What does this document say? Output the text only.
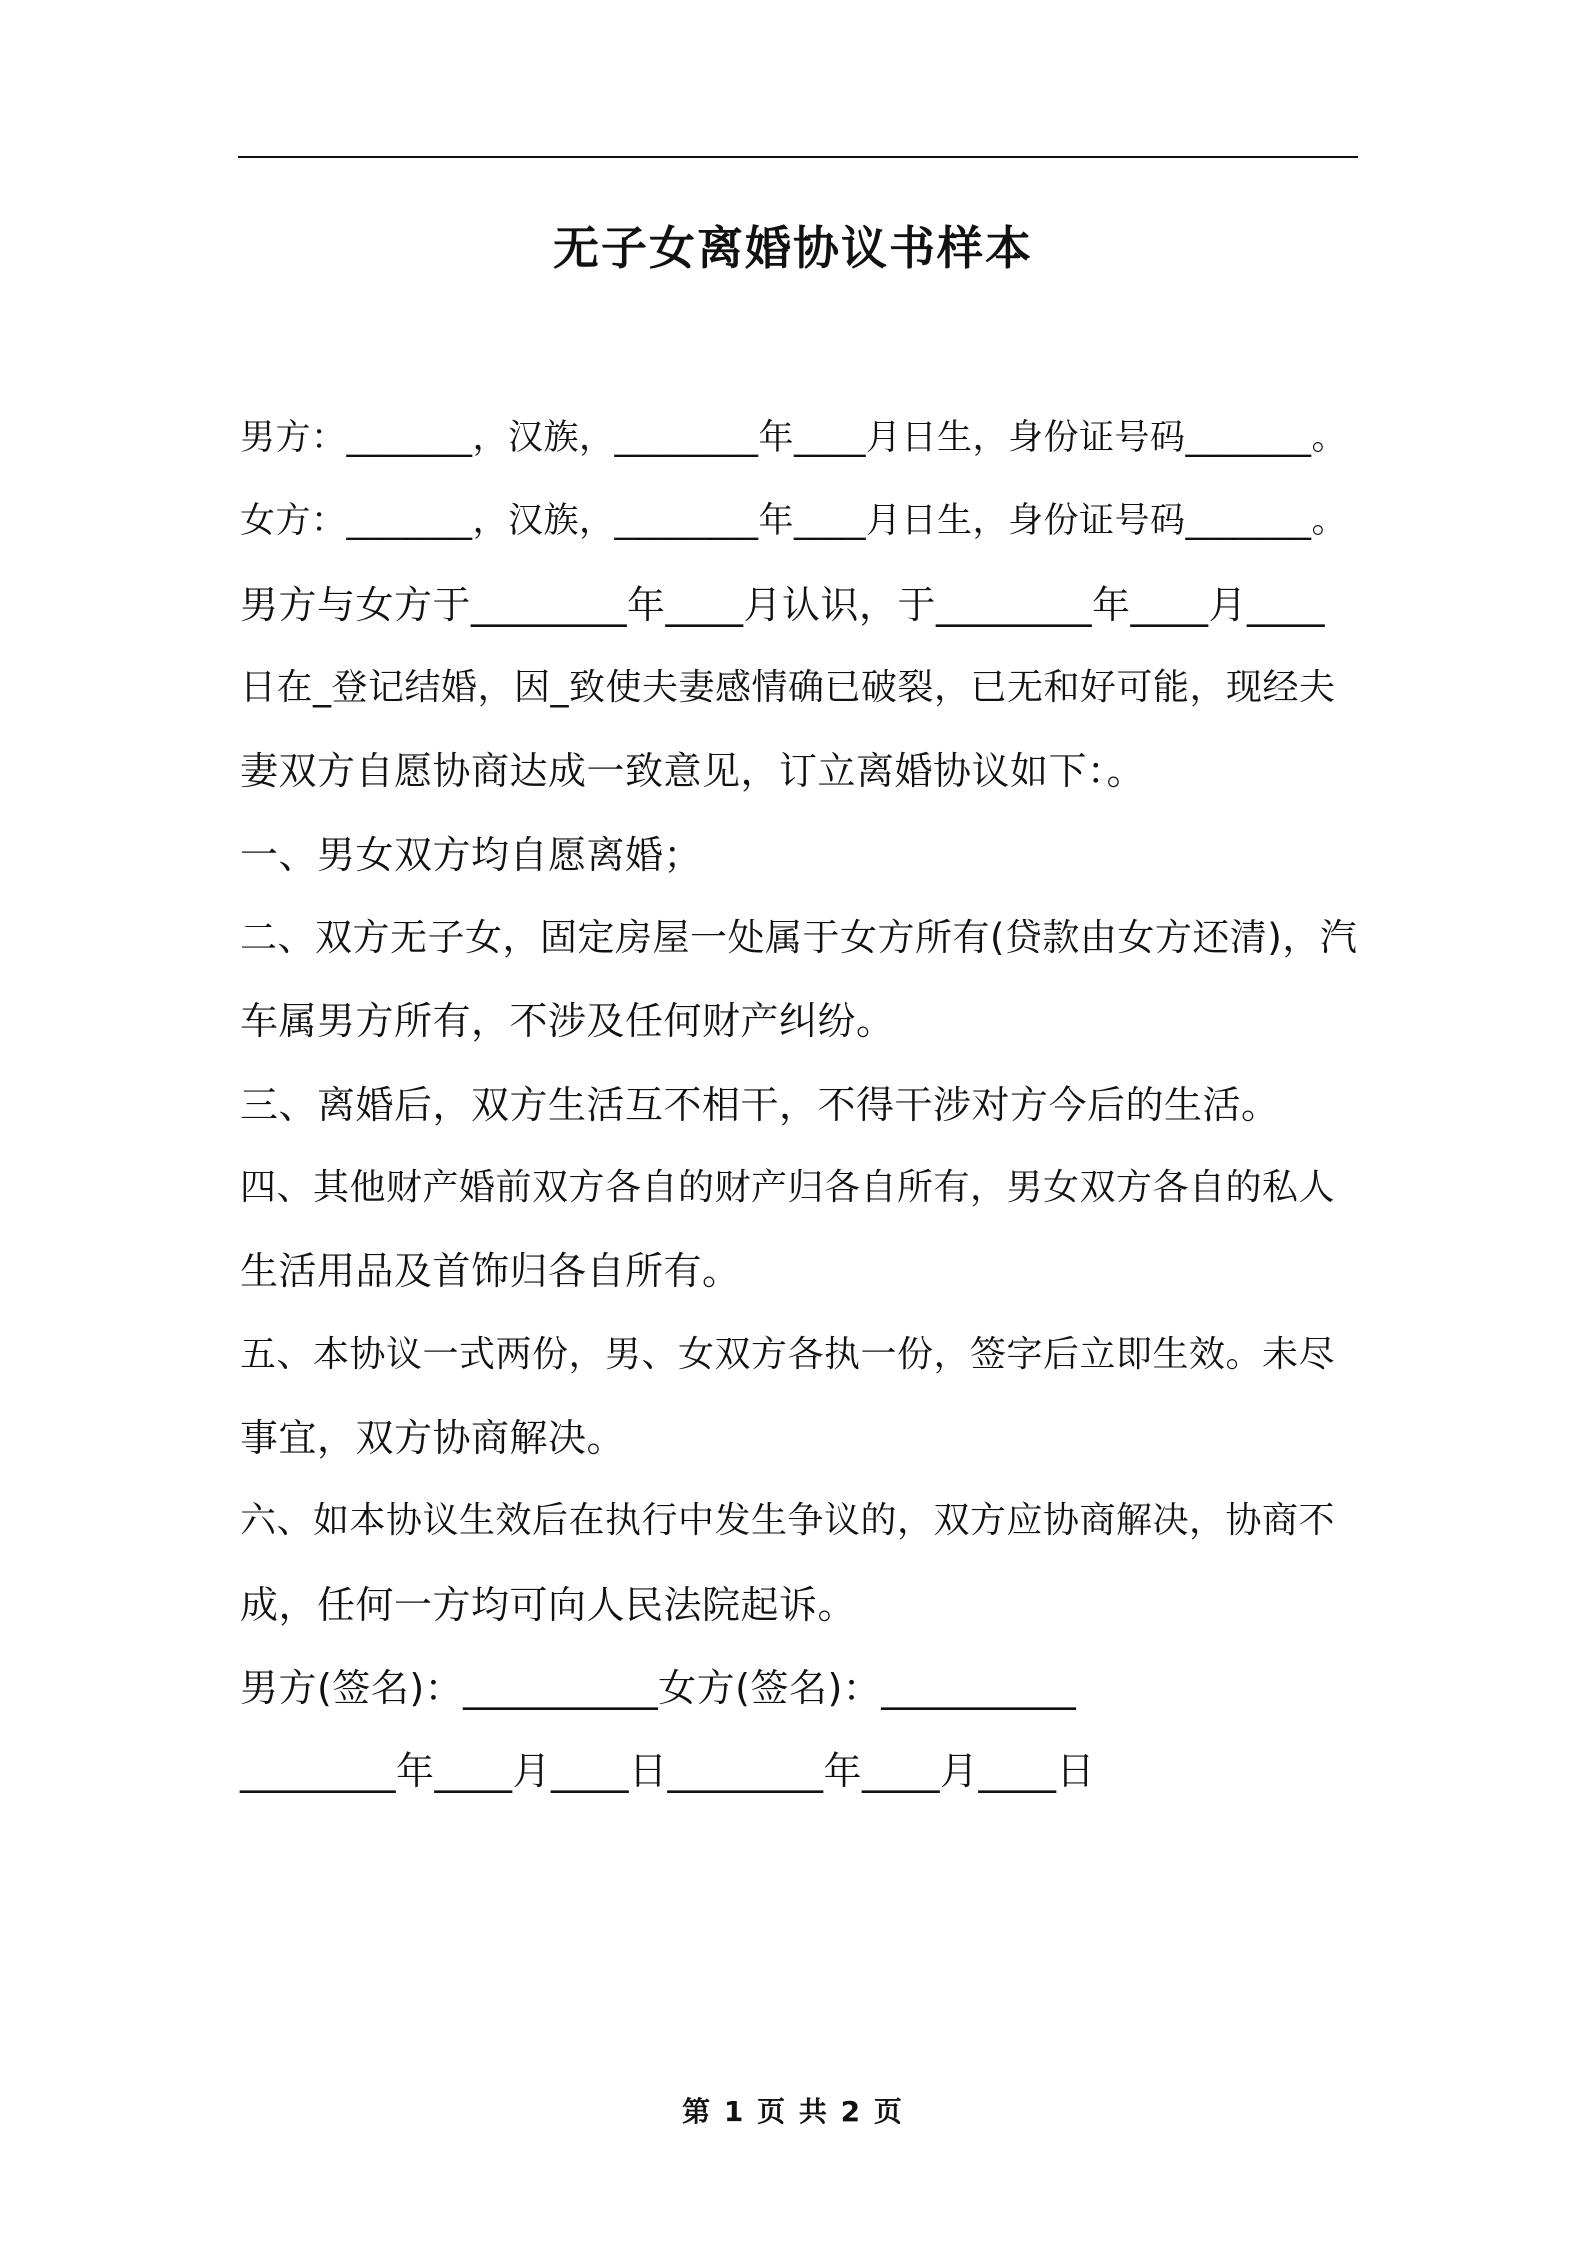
无子女离婚协议书样本
男方：_______，汉族，________年____月日生，身份证号码_______。
女方：_______，汉族，________年____月日生，身份证号码_______。
男方与女方于________年____月认识，于________年____月____
日在_登记结婚，因_致使夫妻感情确已破裂，已无和好可能，现经夫
妻双方自愿协商达成一致意见，订立离婚协议如下：。
一、男女双方均自愿离婚；
二、双方无子女，固定房屋一处属于女方所有(贷款由女方还清)，汽
车属男方所有，不涉及任何财产纠纷。
三、离婚后，双方生活互不相干，不得干涉对方今后的生活。
四、其他财产婚前双方各自的财产归各自所有，男女双方各自的私人
生活用品及首饰归各自所有。
五、本协议一式两份，男、女双方各执一份，签字后立即生效。未尽
事宜，双方协商解决。
六、如本协议生效后在执行中发生争议的，双方应协商解决，协商不
成，任何一方均可向人民法院起诉。
男方(签名)：__________女方(签名)：__________
________年____月____日________年____月____日
第 1 页 共 2 页
